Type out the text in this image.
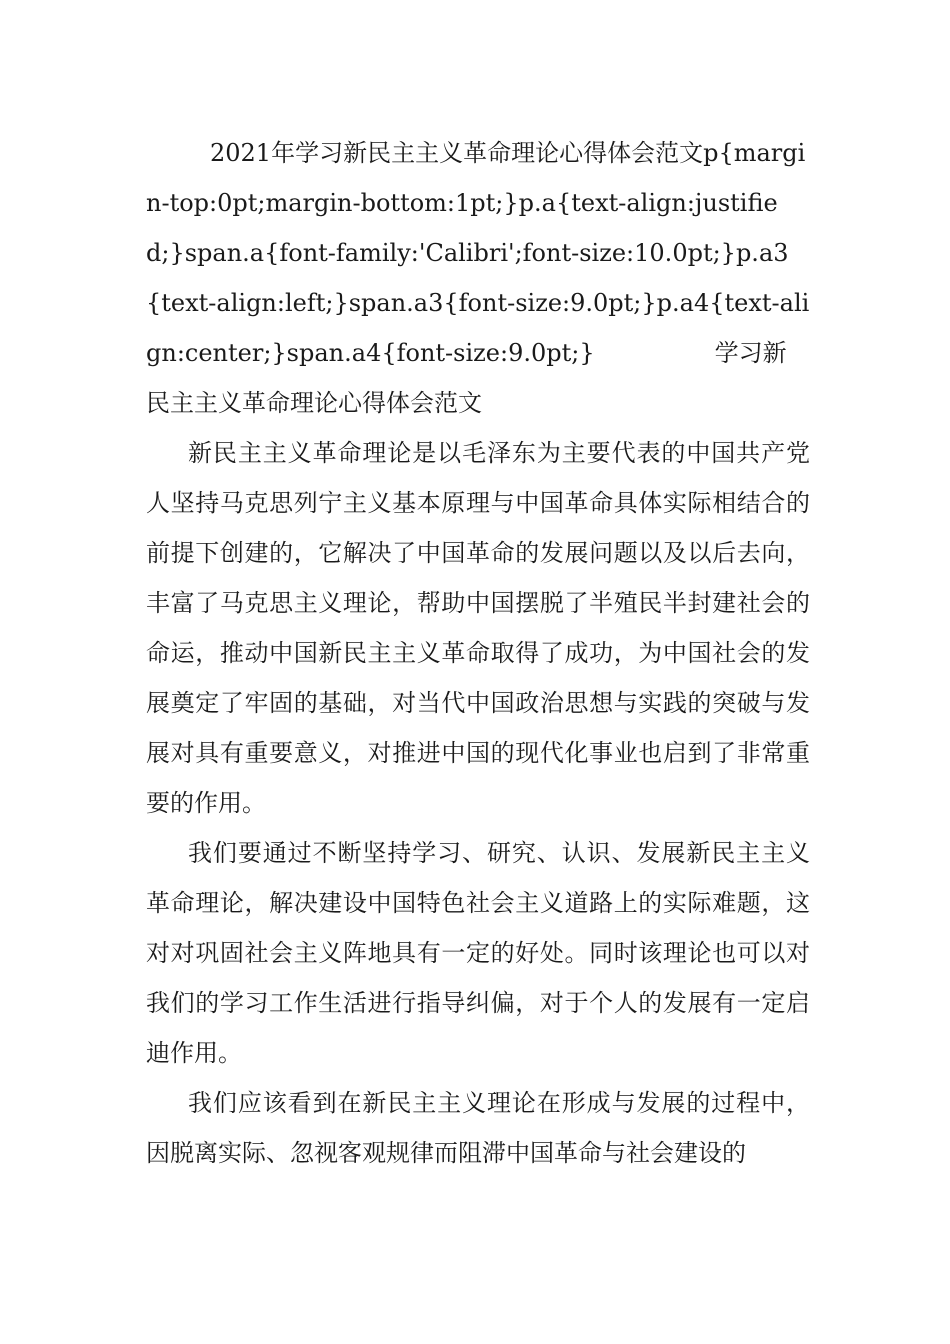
2021年学习新民主主义革命理论心得体会范文p{margin-top:0pt;margin-bottom:1pt;}p.a{text-align:justified;}span.a{font-family:'Calibri';font-size:10.0pt;}p.a3{text-align:left;}span.a3{font-size:9.0pt;}p.a4{text-align:center;}span.a4{font-size:9.0pt;}	学习新民主主义革命理论心得体会范文

新民主主义革命理论是以毛泽东为主要代表的中国共产党人坚持马克思列宁主义基本原理与中国革命具体实际相结合的前提下创建的，它解决了中国革命的发展问题以及以后去向，丰富了马克思主义理论，帮助中国摆脱了半殖民半封建社会的命运，推动中国新民主主义革命取得了成功，为中国社会的发展奠定了牢固的基础，对当代中国政治思想与实践的突破与发展对具有重要意义，对推进中国的现代化事业也启到了非常重要的作用。

我们要通过不断坚持学习、研究、认识、发展新民主主义革命理论，解决建设中国特色社会主义道路上的实际难题，这对对巩固社会主义阵地具有一定的好处。同时该理论也可以对我们的学习工作生活进行指导纠偏，对于个人的发展有一定启迪作用。

我们应该看到在新民主主义理论在形成与发展的过程中，因脱离实际、忽视客观规律而阻滞中国革命与社会建设的
